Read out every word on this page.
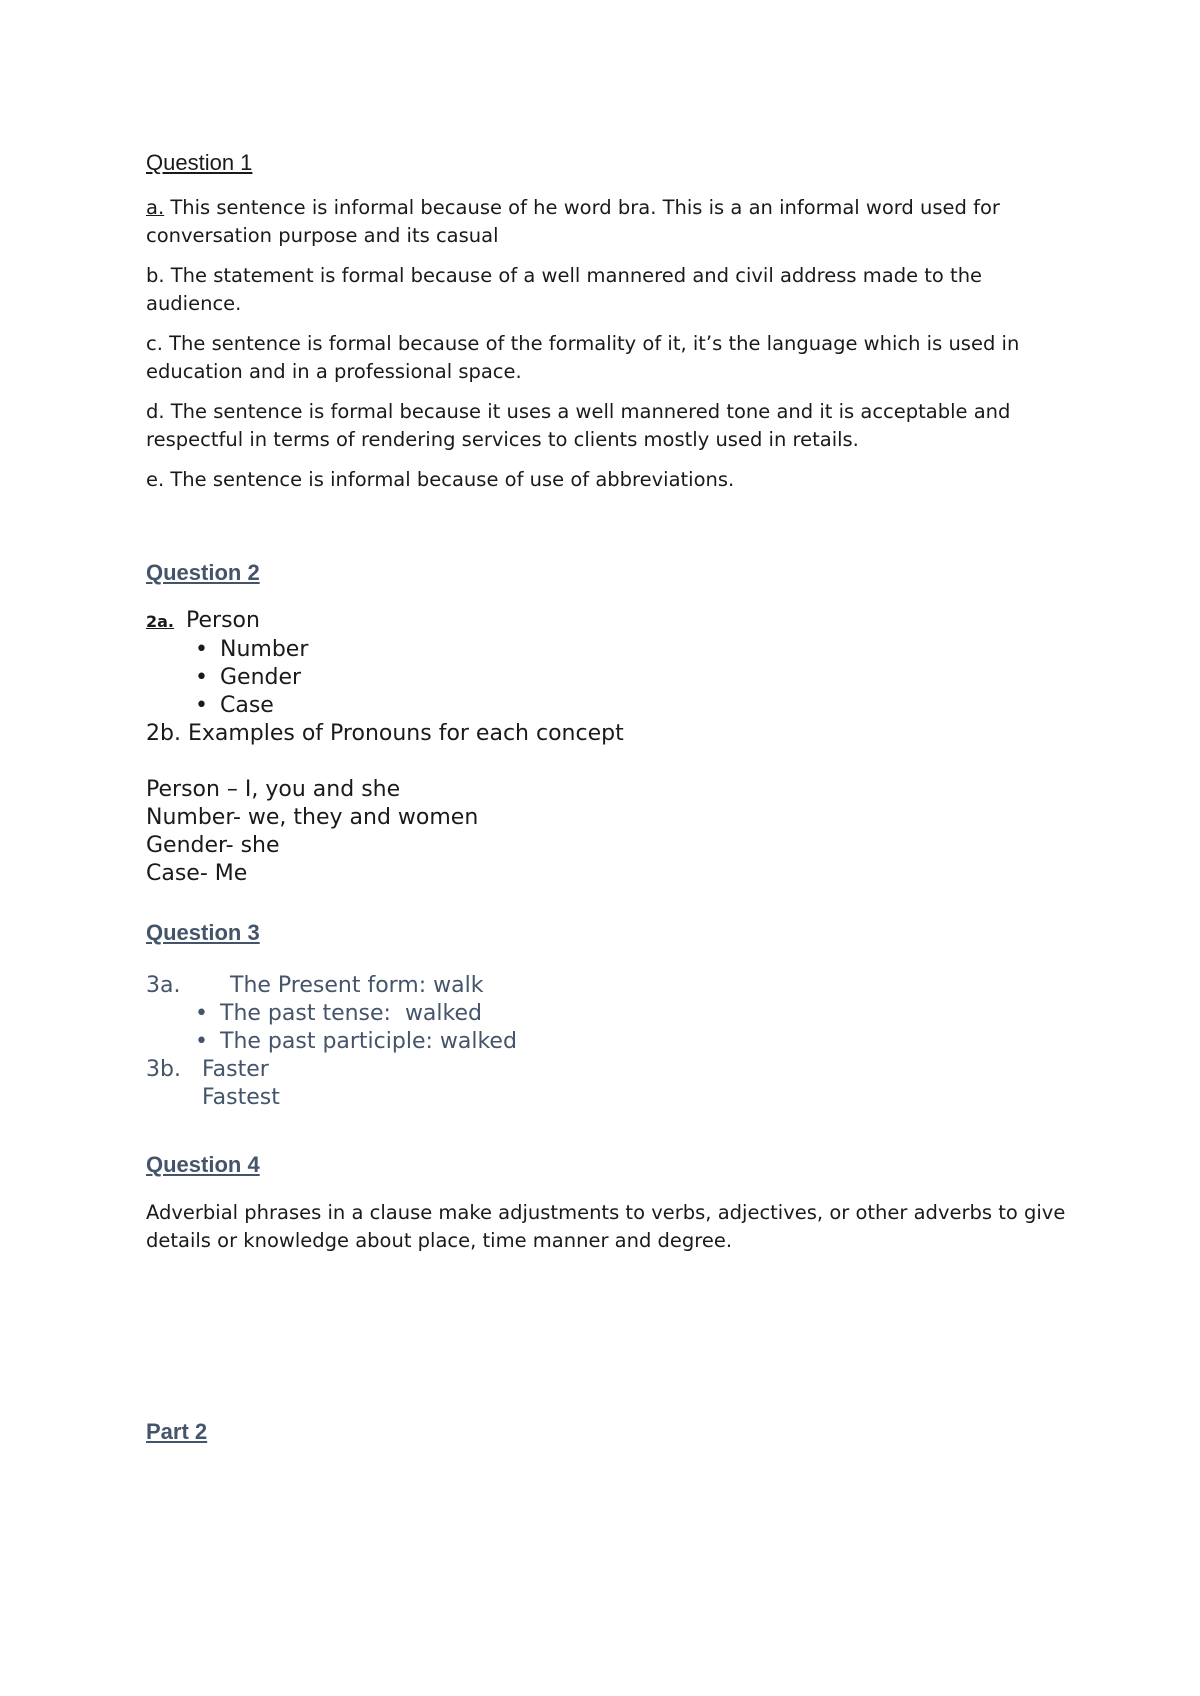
Question 1

a. This sentence is informal because of he word bra. This is a an informal word used for conversation purpose and its casual

b. The statement is formal because of a well mannered and civil address made to the audience.

c. The sentence is formal because of the formality of it, it’s the language which is used in education and in a professional space.

d. The sentence is formal because it uses a well mannered tone and it is acceptable and respectful in terms of rendering services to clients mostly used in retails.

e. The sentence is informal because of use of abbreviations.

Question 2

2a. Person
• Number
• Gender
• Case
2b. Examples of Pronouns for each concept
Person – I, you and she
Number- we, they and women
Gender- she
Case- Me

Question 3

3a. The Present form: walk
• The past tense:  walked
• The past participle: walked
3b. Faster
Fastest

Question 4

Adverbial phrases in a clause make adjustments to verbs, adjectives, or other adverbs to give details or knowledge about place, time manner and degree.

Part 2
